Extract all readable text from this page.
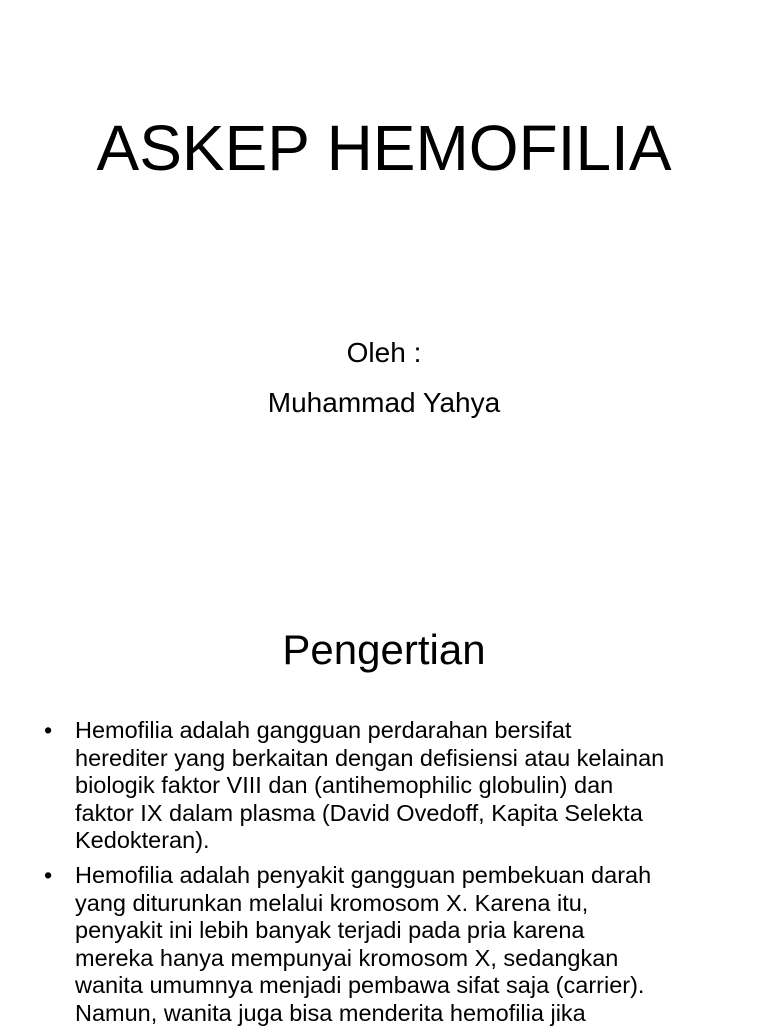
ASKEP HEMOFILIA
Oleh :
Muhammad Yahya
Pengertian
• Hemofilia adalah gangguan perdarahan bersifat
herediter yang berkaitan dengan defisiensi atau kelainan
biologik faktor VIII dan (antihemophilic globulin) dan
faktor IX dalam plasma (David Ovedoff, Kapita Selekta
Kedokteran).
• Hemofilia adalah penyakit gangguan pembekuan darah
yang diturunkan melalui kromosom X. Karena itu,
penyakit ini lebih banyak terjadi pada pria karena
mereka hanya mempunyai kromosom X, sedangkan
wanita umumnya menjadi pembawa sifat saja (carrier).
Namun, wanita juga bisa menderita hemofilia jika
